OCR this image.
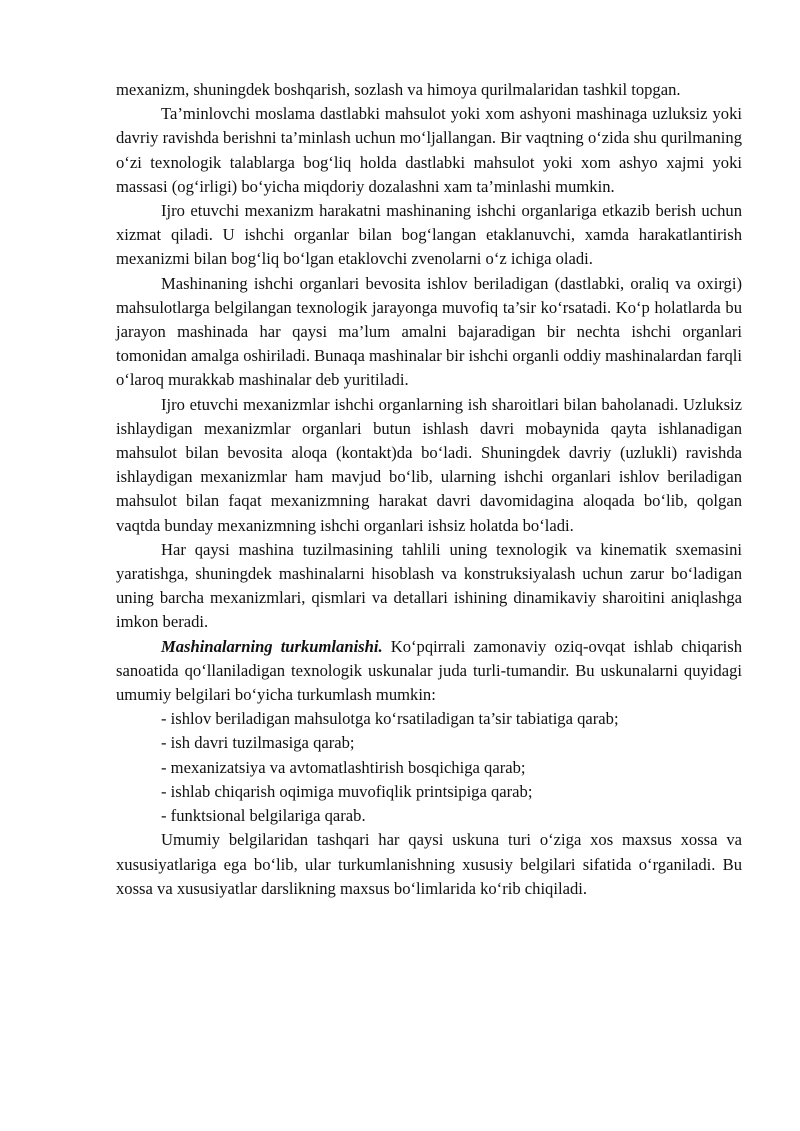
mexanizm, shuningdek boshqarish, sozlash va himoya qurilmalaridan tashkil topgan.

Ta’minlovchi moslama dastlabki mahsulot yoki xom ashyoni mashinaga uzluksiz yoki davriy ravishda berishni ta’minlash uchun mo‘ljallangan. Bir vaqtning o‘zida shu qurilmaning o‘zi texnologik talablarga bog‘liq holda dastlabki mahsulot yoki xom ashyo xajmi yoki massasi (og‘irligi) bo‘yicha miqdoriy dozalashni xam ta’minlashi mumkin.

Ijro etuvchi mexanizm harakatni mashinaning ishchi organlariga etkazib berish uchun xizmat qiladi. U ishchi organlar bilan bog‘langan etaklanuvchi, xamda harakatlantirish mexanizmi bilan bog‘liq bo‘lgan etaklovchi zvenolarni o‘z ichiga oladi.

Mashinaning ishchi organlari bevosita ishlov beriladigan (dastlabki, oraliq va oxirgi) mahsulotlarga belgilangan texnologik jarayonga muvofiq ta’sir ko‘rsatadi. Ko‘p holatlarda bu jarayon mashinada har qaysi ma’lum amalni bajaradigan bir nechta ishchi organlari tomonidan amalga oshiriladi. Bunaqa mashinalar bir ishchi organli oddiy mashinalardan farqli o‘laroq murakkab mashinalar deb yuritiladi.

Ijro etuvchi mexanizmlar ishchi organlarning ish sharoitlari bilan baholanadi. Uzluksiz ishlaydigan mexanizmlar organlari butun ishlash davri mobaynida qayta ishlanadigan mahsulot bilan bevosita aloqa (kontakt)da bo‘ladi. Shuningdek davriy (uzlukli) ravishda ishlaydigan mexanizmlar ham mavjud bo‘lib, ularning ishchi organlari ishlov beriladigan mahsulot bilan faqat mexanizmning harakat davri davomidagina aloqada bo‘lib, qolgan vaqtda bunday mexanizmning ishchi organlari ishsiz holatda bo‘ladi.

Har qaysi mashina tuzilmasining tahlili uning texnologik va kinematik sxemasini yaratishga, shuningdek mashinalarni hisoblash va konstruksiyalash uchun zarur bo‘ladigan uning barcha mexanizmlari, qismlari va detallari ishining dinamikaviy sharoitini aniqlashga imkon beradi.

Mashinalarning turkumlanishi. Ko‘pqirrali zamonaviy oziq-ovqat ishlab chiqarish sanoatida qo‘llaniladigan texnologik uskunalar juda turli-tumandir. Bu uskunalarni quyidagi umumiy belgilari bo‘yicha turkumlash mumkin:

- ishlov beriladigan mahsulotga ko‘rsatiladigan ta’sir tabiatiga qarab;

- ish davri tuzilmasiga qarab;

- mexanizatsiya va avtomatlashtirish bosqichiga qarab;

- ishlab chiqarish oqimiga muvofiqlik printsipiga qarab;

- funktsional belgilariga qarab.

Umumiy belgilaridan tashqari har qaysi uskuna turi o‘ziga xos maxsus xossa va xususiyatlariga ega bo‘lib, ular turkumlanishning xususiy belgilari sifatida o‘rganiladi. Bu xossa va xususiyatlar darslikning maxsus bo‘limlarida ko‘rib chiqiladi.
